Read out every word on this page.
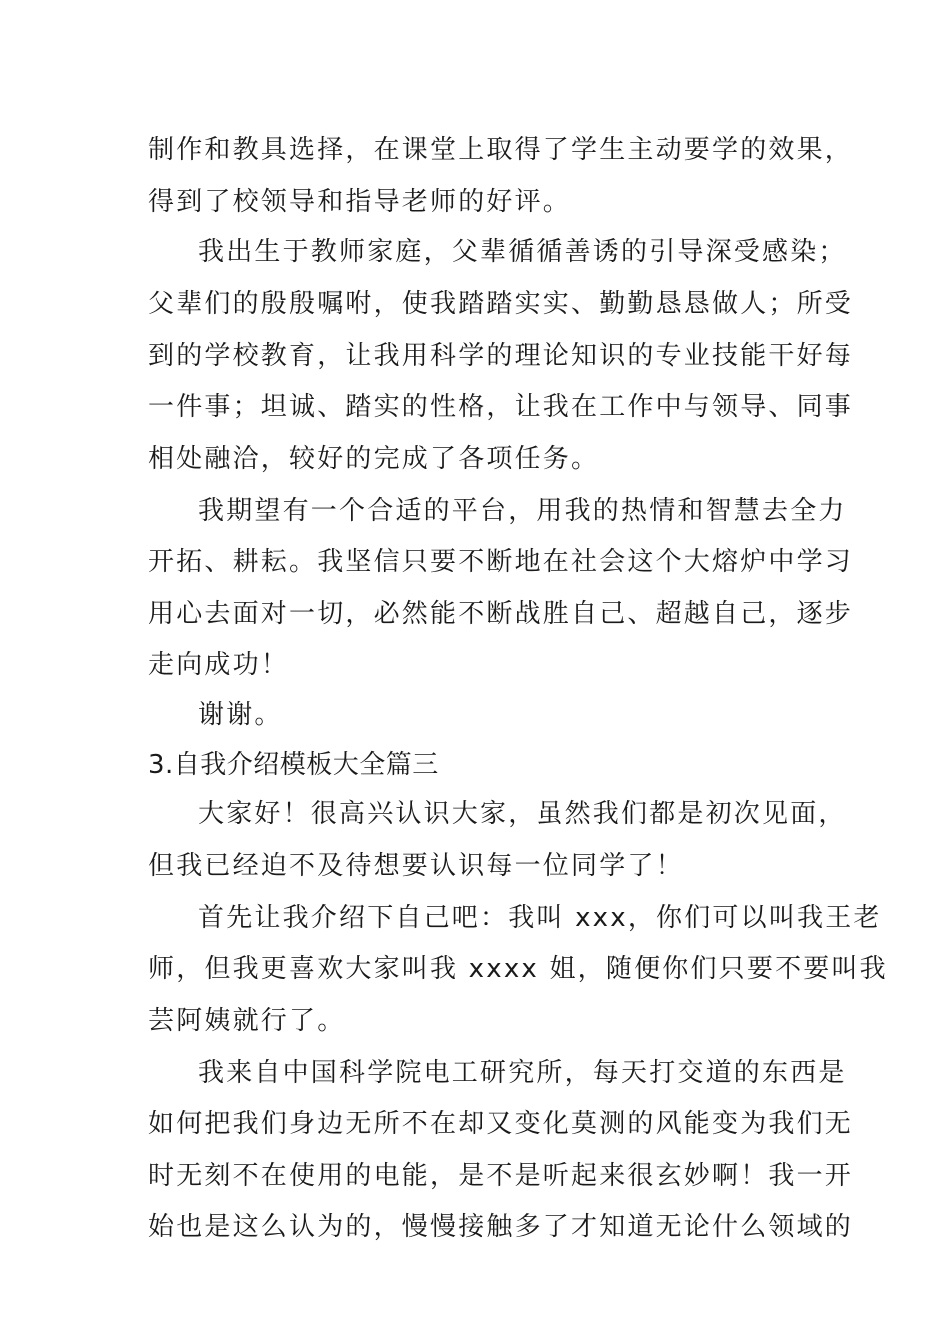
制作和教具选择，在课堂上取得了学生主动要学的效果，
得到了校领导和指导老师的好评。
我出生于教师家庭，父辈循循善诱的引导深受感染；
父辈们的殷殷嘱咐，使我踏踏实实、勤勤恳恳做人；所受
到的学校教育，让我用科学的理论知识的专业技能干好每
一件事；坦诚、踏实的性格，让我在工作中与领导、同事
相处融洽，较好的完成了各项任务。
我期望有一个合适的平台，用我的热情和智慧去全力
开拓、耕耘。我坚信只要不断地在社会这个大熔炉中学习
用心去面对一切，必然能不断战胜自己、超越自己，逐步
走向成功！
谢谢。
3.自我介绍模板大全篇三
大家好！很高兴认识大家，虽然我们都是初次见面，
但我已经迫不及待想要认识每一位同学了！
首先让我介绍下自己吧：我叫 xxx，你们可以叫我王老
师，但我更喜欢大家叫我 xxxx 姐，随便你们只要不要叫我
芸阿姨就行了。
我来自中国科学院电工研究所，每天打交道的东西是
如何把我们身边无所不在却又变化莫测的风能变为我们无
时无刻不在使用的电能，是不是听起来很玄妙啊！我一开
始也是这么认为的，慢慢接触多了才知道无论什么领域的
